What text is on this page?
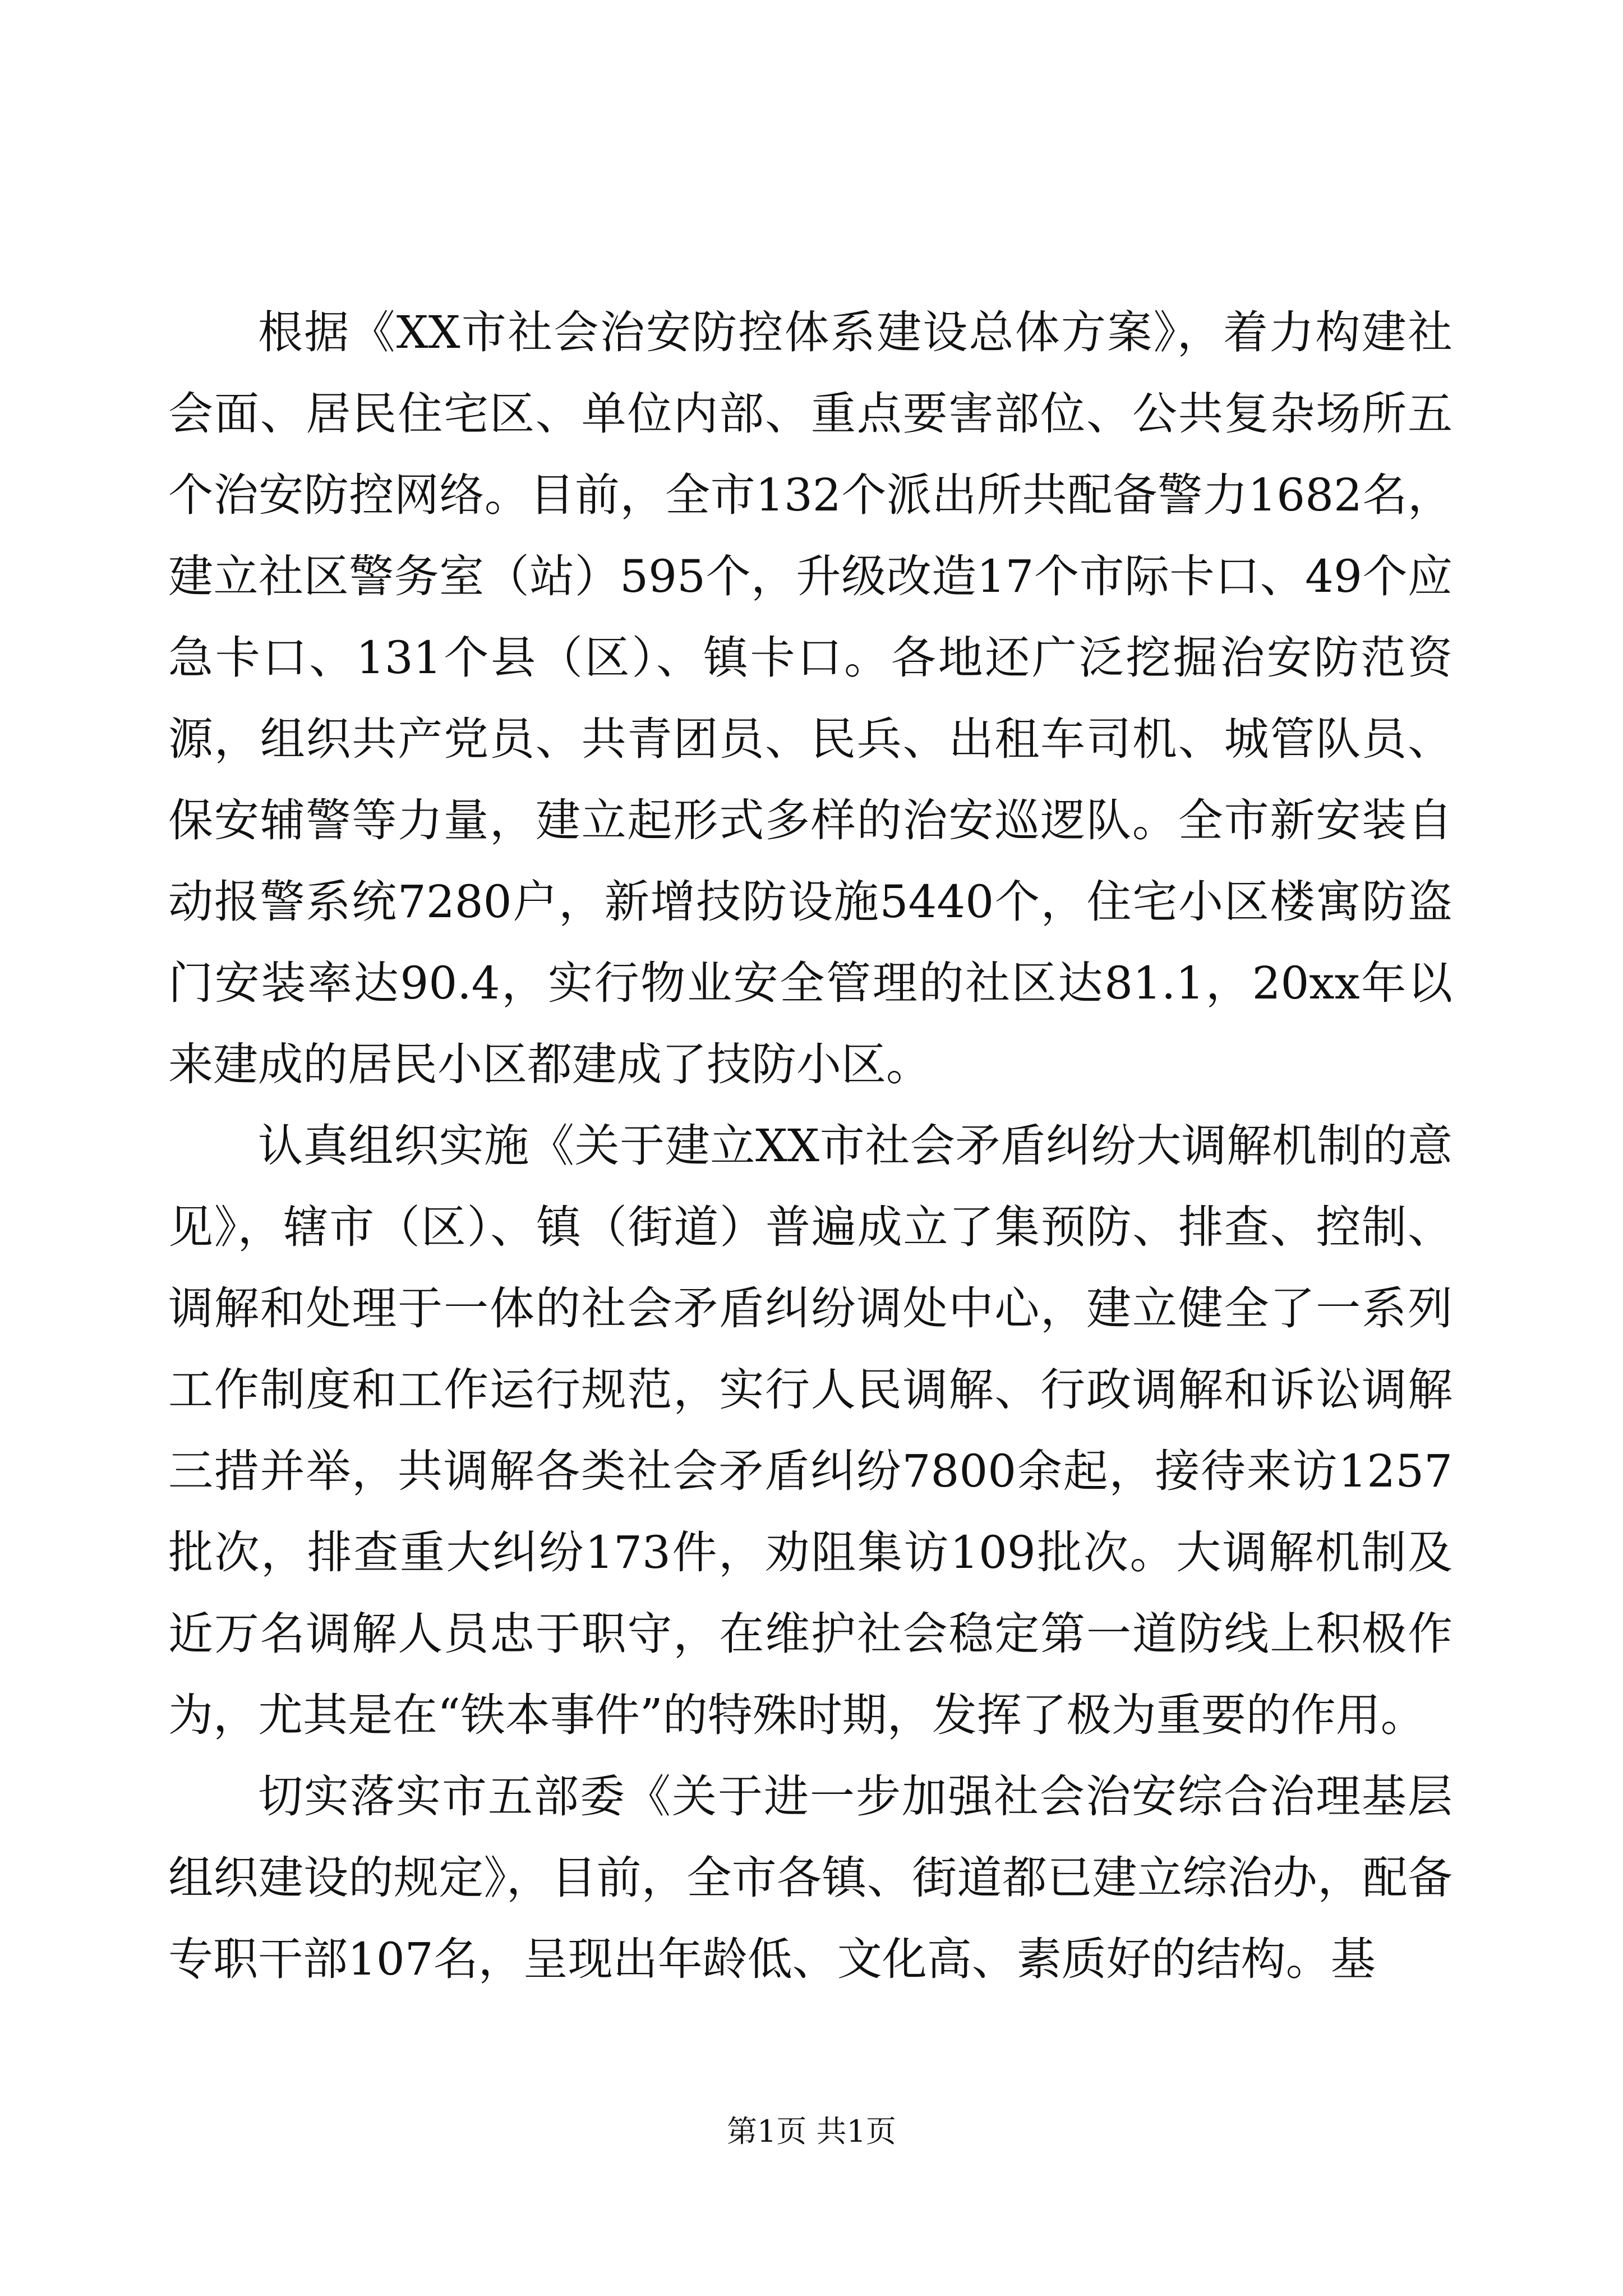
根据《XX市社会治安防控体系建设总体方案》，着力构建社会面、居民住宅区、单位内部、重点要害部位、公共复杂场所五个治安防控网络。目前，全市132个派出所共配备警力1682名，建立社区警务室（站）595个，升级改造17个市际卡口、49个应急卡口、131个县（区）、镇卡口。各地还广泛挖掘治安防范资源，组织共产党员、共青团员、民兵、出租车司机、城管队员、保安辅警等力量，建立起形式多样的治安巡逻队。全市新安装自动报警系统7280户，新增技防设施5440个，住宅小区楼寓防盗门安装率达90.4，实行物业安全管理的社区达81.1，20xx年以来建成的居民小区都建成了技防小区。

认真组织实施《关于建立XX市社会矛盾纠纷大调解机制的意见》，辖市（区）、镇（街道）普遍成立了集预防、排查、控制、调解和处理于一体的社会矛盾纠纷调处中心，建立健全了一系列工作制度和工作运行规范，实行人民调解、行政调解和诉讼调解三措并举，共调解各类社会矛盾纠纷7800余起，接待来访1257批次，排查重大纠纷173件，劝阻集访109批次。大调解机制及近万名调解人员忠于职守，在维护社会稳定第一道防线上积极作为，尤其是在“铁本事件”的特殊时期，发挥了极为重要的作用。

切实落实市五部委《关于进一步加强社会治安综合治理基层组织建设的规定》，目前，全市各镇、街道都已建立综治办，配备专职干部107名，呈现出年龄低、文化高、素质好的结构。基

第1页 共1页
